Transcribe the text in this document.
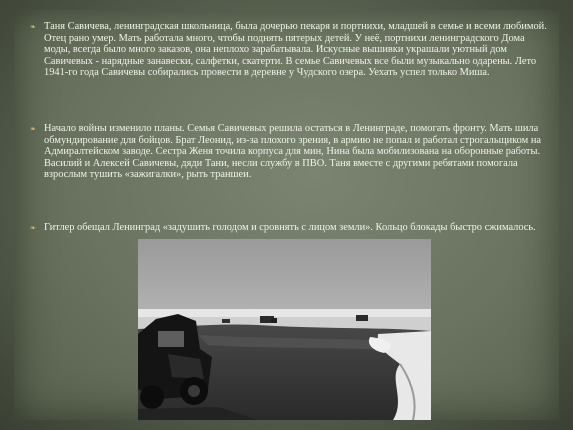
❧ Таня Савичева, ленинградская школьница, была дочерью пекаря и портнихи, младшей в семье и всеми любимой. Отец рано умер. Мать работала много, чтобы поднять пятерых детей. У неё, портнихи ленинградского Дома моды, всегда было много заказов, она неплохо зарабатывала. Искусные вышивки украшали уютный дом Савичевых - нарядные занавески, салфетки, скатерти. В семье Савичевых все были музыкально одарены. Лето 1941-го года Савичевы собирались провести в деревне у Чудского озера. Уехать успел только Миша.
❧ Начало войны изменило планы. Семья Савичевых решила остаться в Ленинграде, помогать фронту. Мать шила обмундирование для бойцов. Брат Леонид, из-за плохого зрения, в армию не попал и работал строгальщиком на Адмиралтейском заводе. Сестра Женя точила корпуса для мин, Нина была мобилизована на оборонные работы. Василий и Алексей Савичевы, дяди Тани, несли службу в ПВО. Таня вместе с другими ребятами помогала взрослым тушить «зажигалки», рыть траншеи.
❧ Гитлер обещал Ленинград «задушить голодом и сровнять с лицом земли». Кольцо блокады быстро сжималось.
